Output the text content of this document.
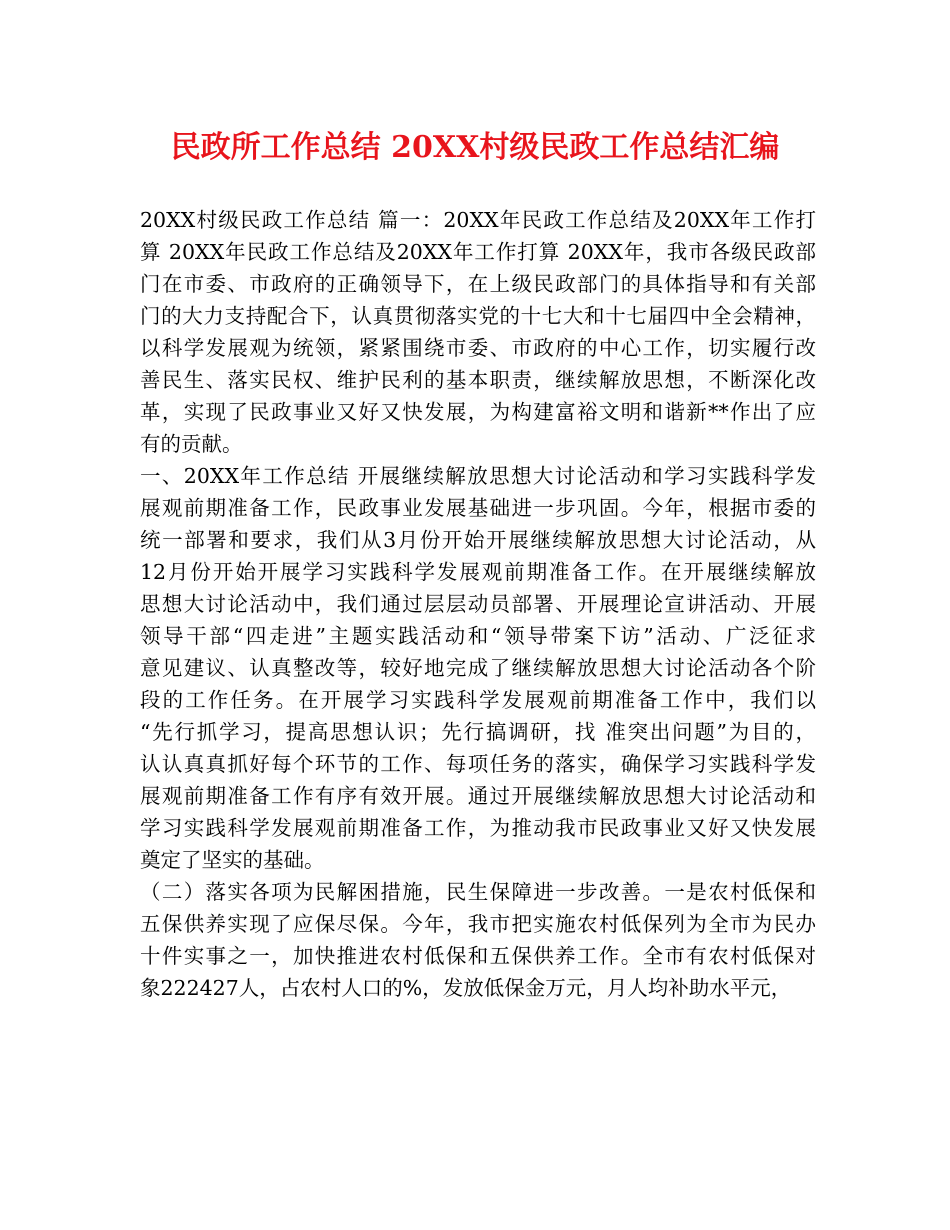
民政所工作总结 20XX村级民政工作总结汇编
20XX村级民政工作总结 篇一：20XX年民政工作总结及20XX年工作打
算 20XX年民政工作总结及20XX年工作打算 20XX年，我市各级民政部
门在市委、市政府的正确领导下，在上级民政部门的具体指导和有关部
门的大力支持配合下，认真贯彻落实党的十七大和十七届四中全会精神，
以科学发展观为统领，紧紧围绕市委、市政府的中心工作，切实履行改
善民生、落实民权、维护民利的基本职责，继续解放思想，不断深化改
革，实现了民政事业又好又快发展，为构建富裕文明和谐新**作出了应
有的贡献。
一、20XX年工作总结 开展继续解放思想大讨论活动和学习实践科学发
展观前期准备工作，民政事业发展基础进一步巩固。今年，根据市委的
统一部署和要求，我们从3月份开始开展继续解放思想大讨论活动，从
12月份开始开展学习实践科学发展观前期准备工作。在开展继续解放
思想大讨论活动中，我们通过层层动员部署、开展理论宣讲活动、开展
领导干部“四走进”主题实践活动和“领导带案下访”活动、广泛征求
意见建议、认真整改等，较好地完成了继续解放思想大讨论活动各个阶
段的工作任务。在开展学习实践科学发展观前期准备工作中，我们以
“先行抓学习，提高思想认识；先行搞调研，找 准突出问题”为目的，
认认真真抓好每个环节的工作、每项任务的落实，确保学习实践科学发
展观前期准备工作有序有效开展。通过开展继续解放思想大讨论活动和
学习实践科学发展观前期准备工作，为推动我市民政事业又好又快发展
奠定了坚实的基础。
（二）落实各项为民解困措施，民生保障进一步改善。一是农村低保和
五保供养实现了应保尽保。今年，我市把实施农村低保列为全市为民办
十件实事之一，加快推进农村低保和五保供养工作。全市有农村低保对
象222427人，占农村人口的%，发放低保金万元，月人均补助水平元，
